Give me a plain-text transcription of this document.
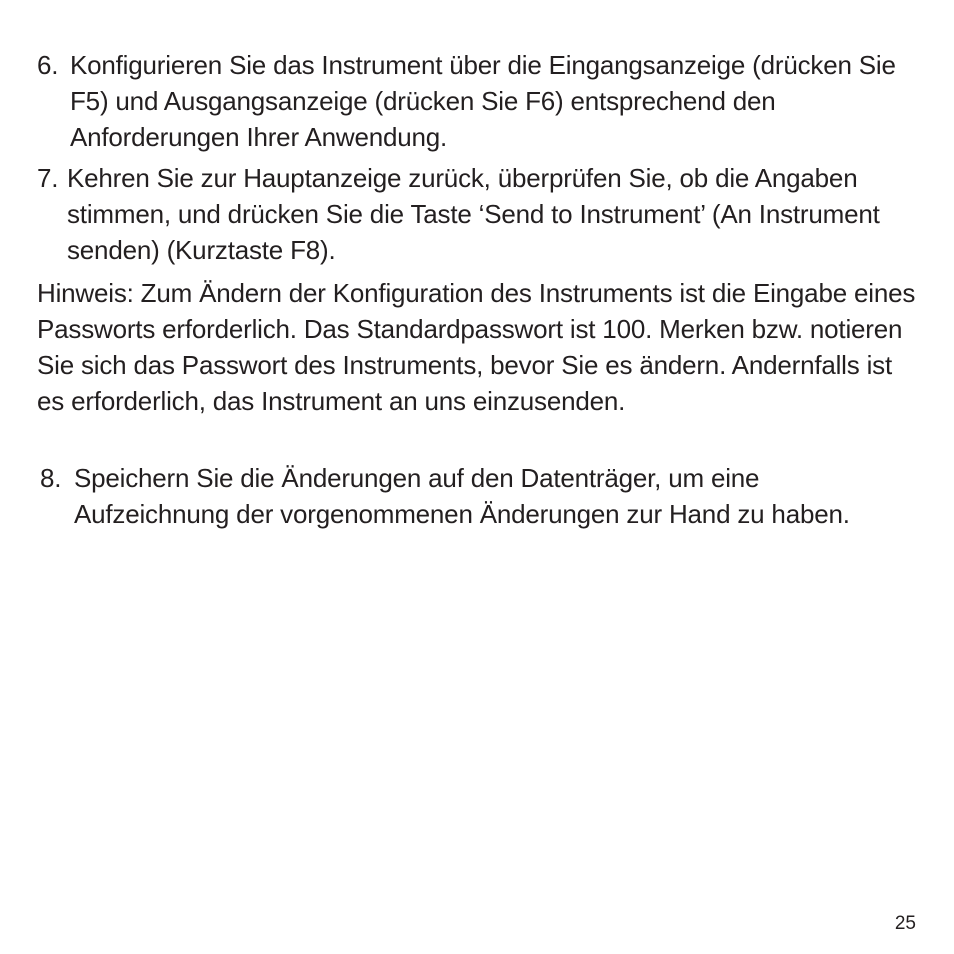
6. Konfigurieren Sie das Instrument über die Eingangsanzeige (drücken Sie F5) und Ausgangsanzeige (drücken Sie F6) entsprechend den Anforderungen Ihrer Anwendung.
7. Kehren Sie zur Hauptanzeige zurück, überprüfen Sie, ob die Angaben stimmen, und drücken Sie die Taste ‘Send to Instrument’ (An Instrument senden) (Kurztaste F8).

Hinweis: Zum Ändern der Konfiguration des Instruments ist die Eingabe eines Passworts erforderlich. Das Standardpasswort ist 100. Merken bzw. notieren Sie sich das Passwort des Instruments, bevor Sie es ändern. Andernfalls ist es erforderlich, das Instrument an uns einzusenden.

8. Speichern Sie die Änderungen auf den Datenträger, um eine Aufzeichnung der vorgenommenen Änderungen zur Hand zu haben.
25
